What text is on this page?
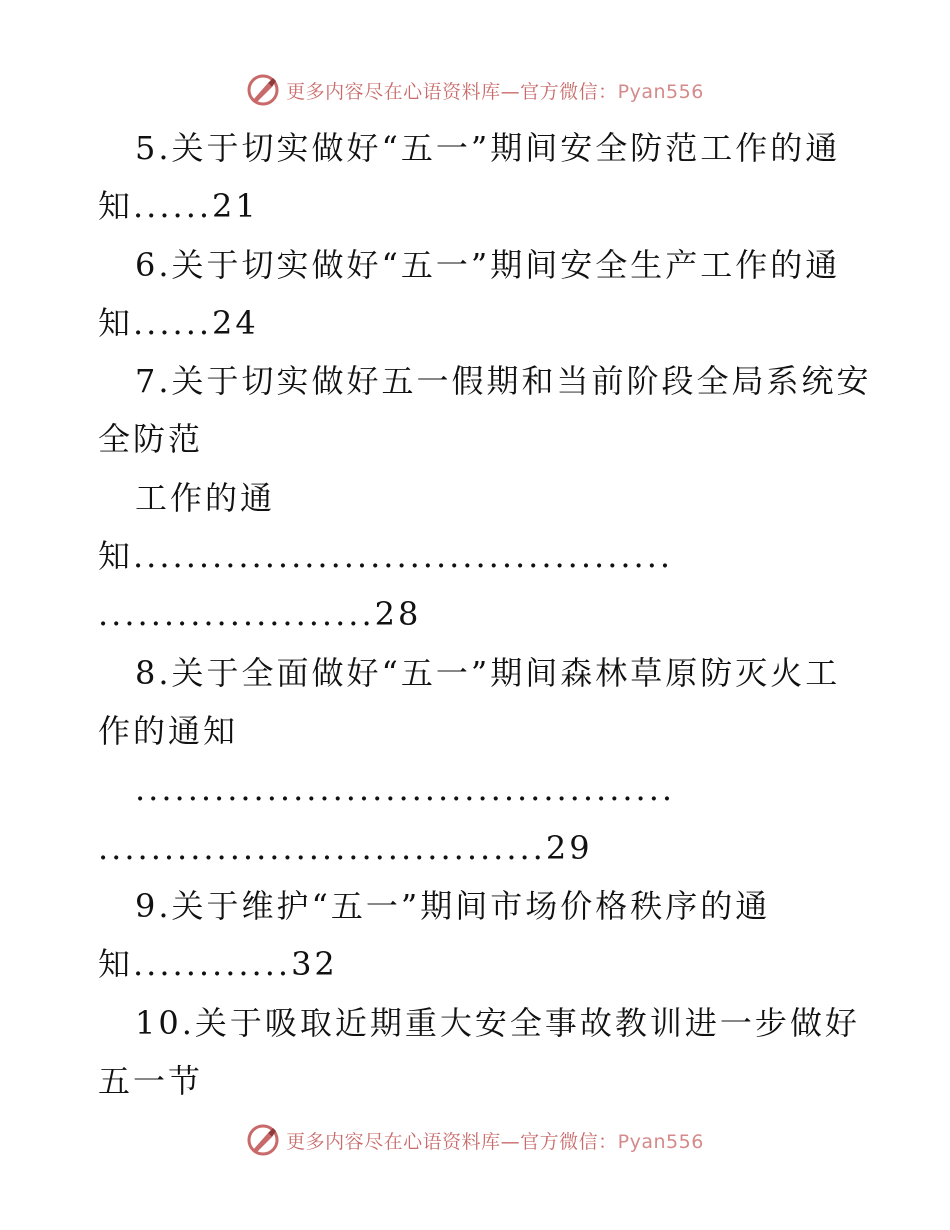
更多内容尽在心语资料库—官方微信：Pyan556
5.关于切实做好“五一”期间安全防范工作的通
知......21
6.关于切实做好“五一”期间安全生产工作的通
知......24
7.关于切实做好五一假期和当前阶段全局系统安
全防范
工作的通
知.........................................
.....................28
8.关于全面做好“五一”期间森林草原防灭火工
作的通知
.........................................
..................................29
9.关于维护“五一”期间市场价格秩序的通
知............32
10.关于吸取近期重大安全事故教训进一步做好
五一节
更多内容尽在心语资料库—官方微信：Pyan556
